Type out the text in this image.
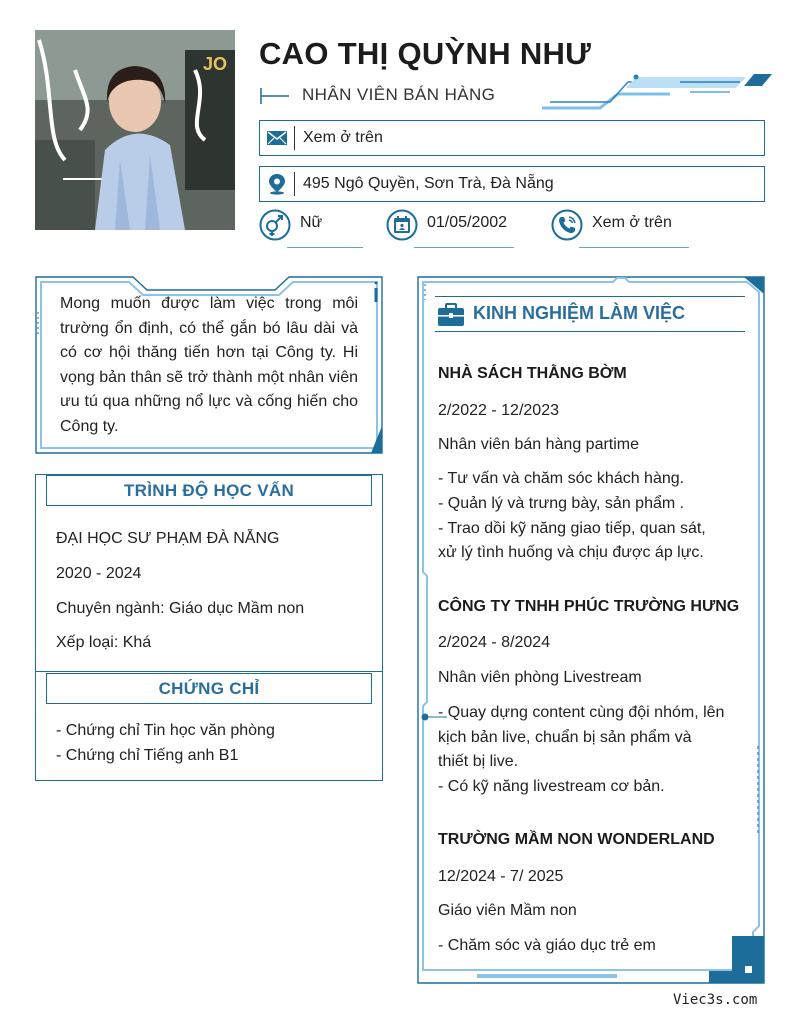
JO CAO THỊ QUỲNH NHƯ
NHÂN VIÊN BÁN HÀNG
Xem ở trên
495 Ngô Quyền, Sơn Trà, Đà Nẵng
Nữ	01/05/2002	Xem ở trên
Mong muốn được làm việc trong môi trường ổn định, có thể gắn bó lâu dài và có cơ hội thăng tiến hơn tại Công ty. Hi vọng bản thân sẽ trở thành một nhân viên ưu tú qua những nổ lực và cống hiến cho Công ty.
TRÌNH ĐỘ HỌC VẤN
ĐẠI HỌC SƯ PHẠM ĐÀ NẴNG
2020 - 2024
Chuyên ngành: Giáo dục Mầm non
Xếp loại: Khá
CHỨNG CHỈ
- Chứng chỉ Tin học văn phòng
- Chứng chỉ Tiếng anh B1
KINH NGHIỆM LÀM VIỆC
NHÀ SÁCH THẰNG BỜM
2/2022 - 12/2023
Nhân viên bán hàng partime
- Tư vấn và chăm sóc khách hàng.
- Quản lý và trưng bày, sản phẩm .
- Trao dồi kỹ năng giao tiếp, quan sát,
xử lý tình huống và chịu được áp lực.
CÔNG TY TNHH PHÚC TRƯỜNG HƯNG
2/2024 - 8/2024
Nhân viên phòng Livestream
- Quay dựng content cùng đội nhóm, lên
kịch bản live, chuẩn bị sản phẩm và
thiết bị live.
- Có kỹ năng livestream cơ bản.
TRƯỜNG MẦM NON WONDERLAND
12/2024 - 7/ 2025
Giáo viên Mầm non
- Chăm sóc và giáo dục trẻ em
Viec3s.com
